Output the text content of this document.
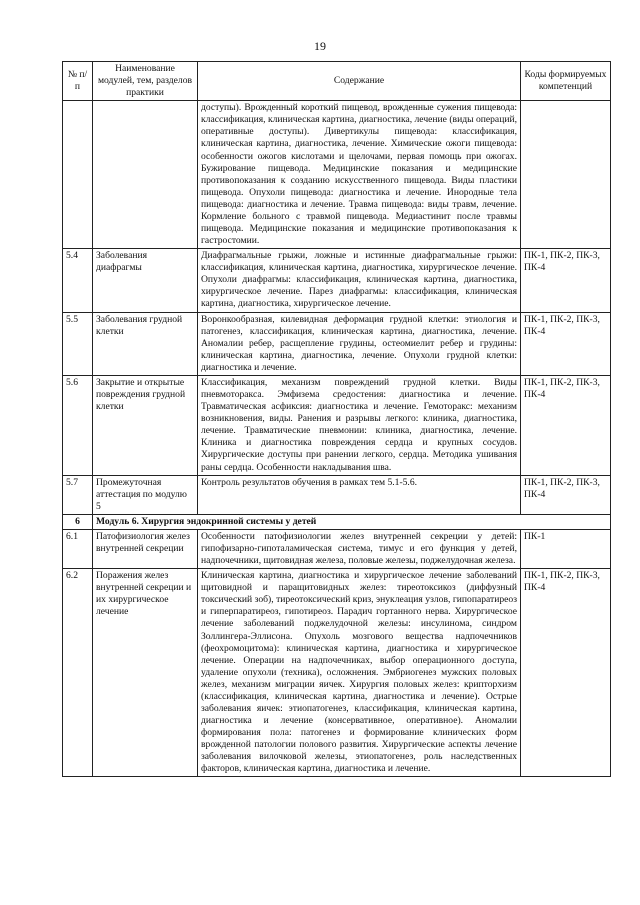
19
№ п/п	Наименование модулей, тем, разделов практики	Содержание	Коды формируемых компетенций
		доступы). Врожденный короткий пищевод, врожденные сужения пищевода: классификация, клиническая картина, диагностика, лечение (виды операций, оперативные доступы). Дивертикулы пищевода: классификация, клиническая картина, диагностика, лечение. Химические ожоги пищевода: особенности ожогов кислотами и щелочами, первая помощь при ожогах. Бужирование пищевода. Медицинские показания и медицинские противопоказания к созданию искусственного пищевода. Виды пластики пищевода. Опухоли пищевода: диагностика и лечение. Инородные тела пищевода: диагностика и лечение. Травма пищевода: виды травм, лечение. Кормление больного с травмой пищевода. Медиастинит после травмы пищевода. Медицинские показания и медицинские противопоказания к гастростомии.	
5.4	Заболевания диафрагмы	Диафрагмальные грыжи, ложные и истинные диафрагмальные грыжи: классификация, клиническая картина, диагностика, хирургическое лечение. Опухоли диафрагмы: классификация, клиническая картина, диагностика, хирургическое лечение. Парез диафрагмы: классификация, клиническая картина, диагностика, хирургическое лечение.	ПК-1, ПК-2, ПК-3, ПК-4
5.5	Заболевания грудной клетки	Воронкообразная, килевидная деформация грудной клетки: этиология и патогенез, классификация, клиническая картина, диагностика, лечение. Аномалии ребер, расщепление грудины, остеомиелит ребер и грудины: клиническая картина, диагностика, лечение. Опухоли грудной клетки: диагностика и лечение.	ПК-1, ПК-2, ПК-3, ПК-4
5.6	Закрытие и открытые повреждения грудной клетки	Классификация, механизм повреждений грудной клетки. Виды пневмоторакса. Эмфизема средостения: диагностика и лечение. Травматическая асфиксия: диагностика и лечение. Гемоторакс: механизм возникновения, виды. Ранения и разрывы легкого: клиника, диагностика, лечение. Травматические пневмонии: клиника, диагностика, лечение. Клиника и диагностика повреждения сердца и крупных сосудов. Хирургические доступы при ранении легкого, сердца. Методика ушивания раны сердца. Особенности накладывания шва.	ПК-1, ПК-2, ПК-3, ПК-4
5.7	Промежуточная аттестация по модулю 5	Контроль результатов обучения в рамках тем 5.1-5.6.	ПК-1, ПК-2, ПК-3, ПК-4
6	Модуль 6. Хирургия эндокринной системы у детей		
6.1	Патофизиология желез внутренней секреции	Особенности патофизиологии желез внутренней секреции у детей: гипофизарно-гипоталамическая система, тимус и его функция у детей, надпочечники, щитовидная железа, половые железы, поджелудочная железа.	ПК-1
6.2	Поражения желез внутренней секреции и их хирургическое лечение	Клиническая картина, диагностика и хирургическое лечение заболеваний щитовидной и паращитовидных желез: тиреотоксикоз (диффузный токсический зоб), тиреотоксический криз, энуклеация узлов, гипопаратиреоз и гиперпаратиреоз, гипотиреоз. Парадич гортанного нерва. Хирургическое лечение заболеваний поджелудочной железы: инсулинома, синдром Золлингера-Эллисона. Опухоль мозгового вещества надпочечников (феохромоцитома): клиническая картина, диагностика и хирургическое лечение. Операции на надпочечниках, выбор операционного доступа, удаление опухоли (техника), осложнения. Эмбриогенез мужских половых желез, механизм миграции яичек. Хирургия половых желез: крипторхизм (классификация, клиническая картина, диагностика и лечение). Острые заболевания яичек: этиопатогенез, классификация, клиническая картина, диагностика и лечение (консервативное, оперативное). Аномалии формирования пола: патогенез и формирование клинических форм врожденной патологии полового развития. Хирургические аспекты лечение заболевания вилочковой железы, этиопатогенез, роль наследственных факторов, клиническая картина, диагностика и лечение.	ПК-1, ПК-2, ПК-3, ПК-4
